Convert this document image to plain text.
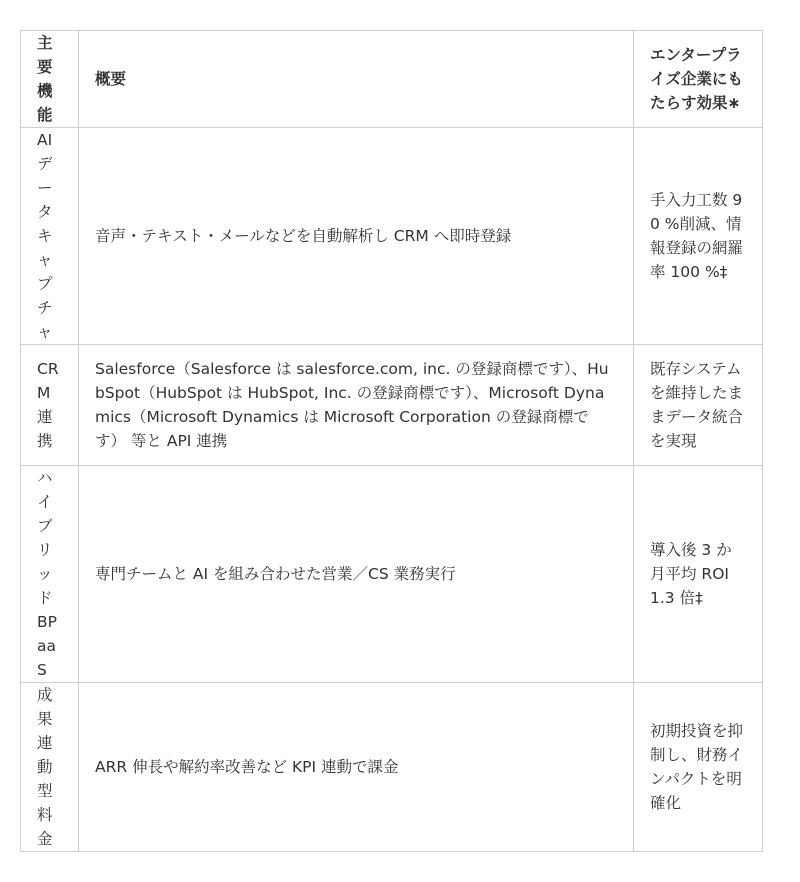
主要機能	概要	エンタープライズ企業にもたらす効果∗

AIデータキャプチャ	音声・テキスト・メールなどを自動解析し CRM へ即時登録	手入力工数 90 %削減、情報登録の網羅率 100 %‡

CRM連携	Salesforce（Salesforce は salesforce.com, inc. の登録商標です）、HubSpot（HubSpot は HubSpot, Inc. の登録商標です）、Microsoft Dynamics（Microsoft Dynamics は Microsoft Corporation の登録商標です） 等と API 連携	既存システムを維持したままデータ統合を実現

ハイブリッドBPaaS	専門チームと AI を組み合わせた営業／CS 業務実行	導入後 3 か月平均 ROI 1.3 倍‡

成果連動型料金	ARR 伸長や解約率改善など KPI 連動で課金	初期投資を抑制し、財務インパクトを明確化
